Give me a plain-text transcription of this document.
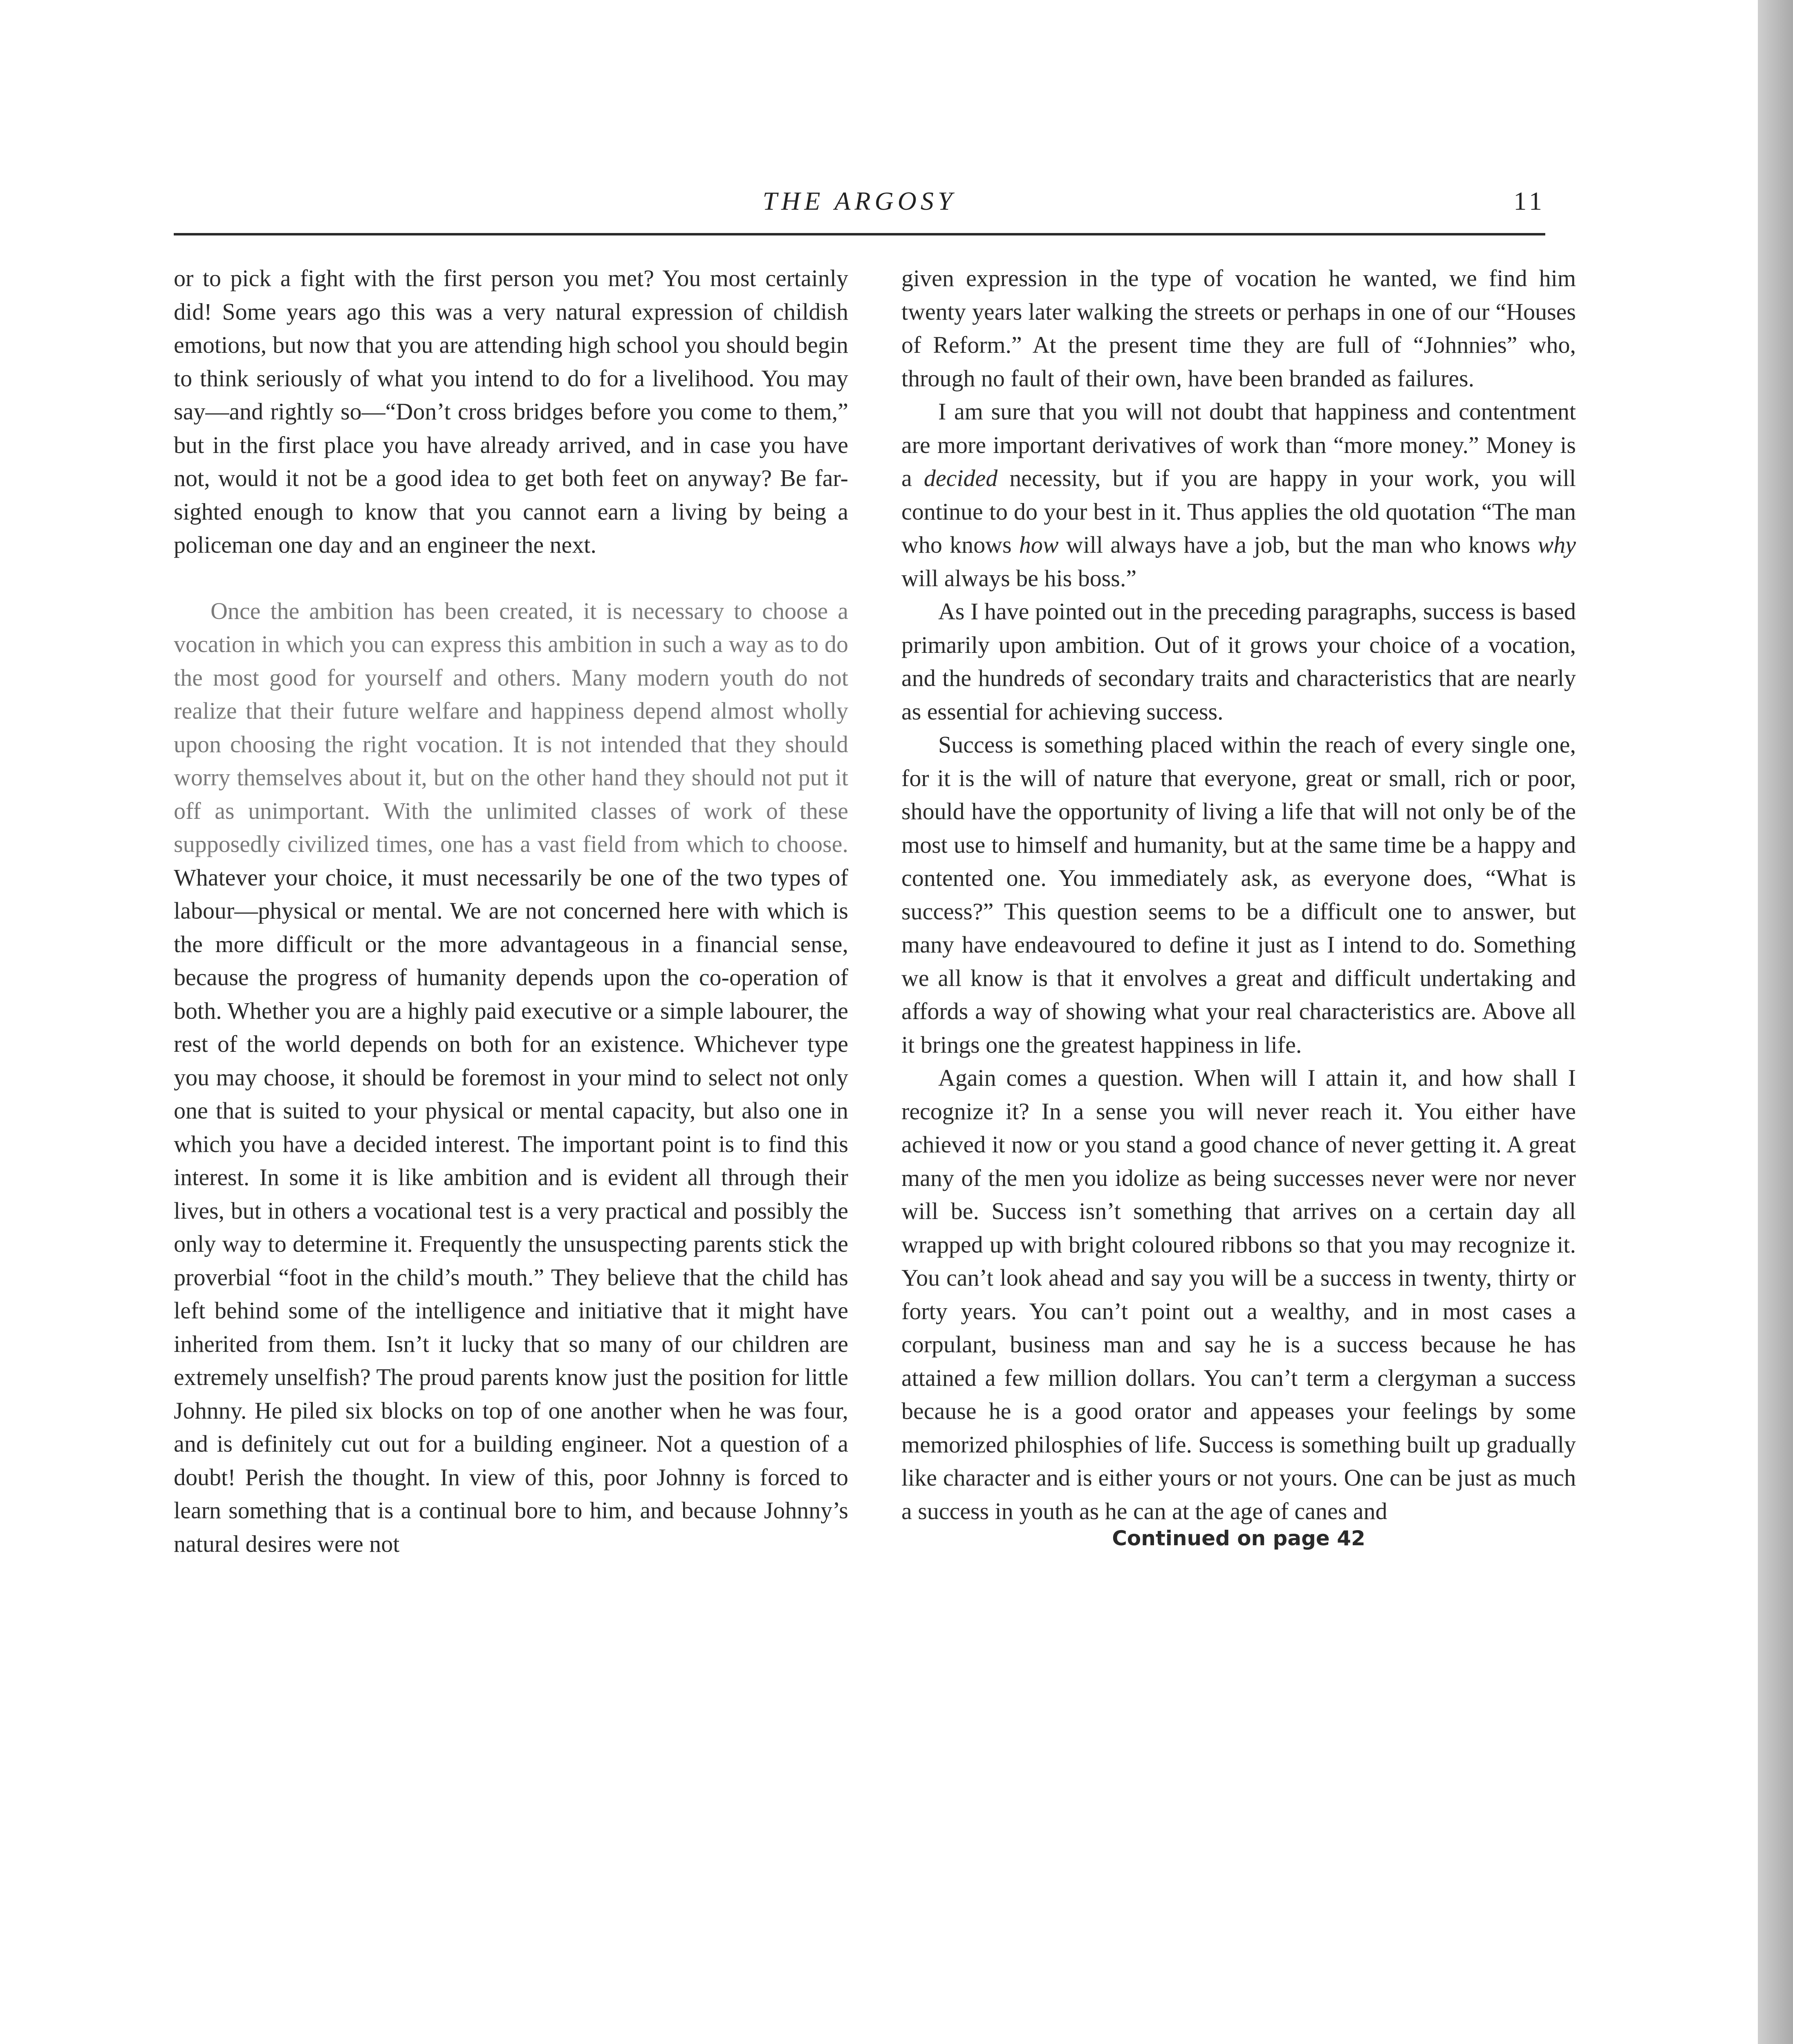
THE ARGOSY	11

or to pick a fight with the first person you met? You most certainly did! Some years ago this was a very natural expression of childish emotions, but now that you are attending high school you should begin to think seriously of what you intend to do for a livelihood. You may say—and rightly so—“Don’t cross bridges before you come to them,” but in the first place you have already arrived, and in case you have not, would it not be a good idea to get both feet on anyway? Be far-sighted enough to know that you cannot earn a living by being a policeman one day and an engineer the next.

Once the ambition has been created, it is necessary to choose a vocation in which you can express this ambition in such a way as to do the most good for yourself and others. Many modern youth do not realize that their future welfare and happiness depend almost wholly upon choosing the right vocation. It is not intended that they should worry themselves about it, but on the other hand they should not put it off as unimportant. With the unlimited classes of work of these supposedly civilized times, one has a vast field from which to choose. Whatever your choice, it must necessarily be one of the two types of labour—physical or mental. We are not concerned here with which is the more difficult or the more advantageous in a financial sense, because the progress of humanity depends upon the co-operation of both. Whether you are a highly paid executive or a simple labourer, the rest of the world depends on both for an existence. Whichever type you may choose, it should be foremost in your mind to select not only one that is suited to your physical or mental capacity, but also one in which you have a decided interest. The important point is to find this interest. In some it is like ambition and is evident all through their lives, but in others a vocational test is a very practical and possibly the only way to determine it. Frequently the unsuspecting parents stick the proverbial “foot in the child’s mouth.” They believe that the child has left behind some of the intelligence and initiative that it might have inherited from them. Isn’t it lucky that so many of our children are extremely unselfish? The proud parents know just the position for little Johnny. He piled six blocks on top of one another when he was four, and is definitely cut out for a building engineer. Not a question of a doubt! Perish the thought. In view of this, poor Johnny is forced to learn something that is a continual bore to him, and because Johnny’s natural desires were not

given expression in the type of vocation he wanted, we find him twenty years later walking the streets or perhaps in one of our “Houses of Reform.” At the present time they are full of “Johnnies” who, through no fault of their own, have been branded as failures.

I am sure that you will not doubt that happiness and contentment are more important derivatives of work than “more money.” Money is a decided necessity, but if you are happy in your work, you will continue to do your best in it. Thus applies the old quotation “The man who knows how will always have a job, but the man who knows why will always be his boss.”

As I have pointed out in the preceding paragraphs, success is based primarily upon ambition. Out of it grows your choice of a vocation, and the hundreds of secondary traits and characteristics that are nearly as essential for achieving success.

Success is something placed within the reach of every single one, for it is the will of nature that everyone, great or small, rich or poor, should have the opportunity of living a life that will not only be of the most use to himself and humanity, but at the same time be a happy and contented one. You immediately ask, as everyone does, “What is success?” This question seems to be a difficult one to answer, but many have endeavoured to define it just as I intend to do. Something we all know is that it envolves a great and difficult undertaking and affords a way of showing what your real characteristics are. Above all it brings one the greatest happiness in life.

Again comes a question. When will I attain it, and how shall I recognize it? In a sense you will never reach it. You either have achieved it now or you stand a good chance of never getting it. A great many of the men you idolize as being successes never were nor never will be. Success isn’t something that arrives on a certain day all wrapped up with bright coloured ribbons so that you may recognize it. You can’t look ahead and say you will be a success in twenty, thirty or forty years. You can’t point out a wealthy, and in most cases a corpulant, business man and say he is a success because he has attained a few million dollars. You can’t term a clergyman a success because he is a good orator and appeases your feelings by some memorized philosphies of life. Success is something built up gradually like character and is either yours or not yours. One can be just as much a success in youth as he can at the age of canes and

Continued on page 42
